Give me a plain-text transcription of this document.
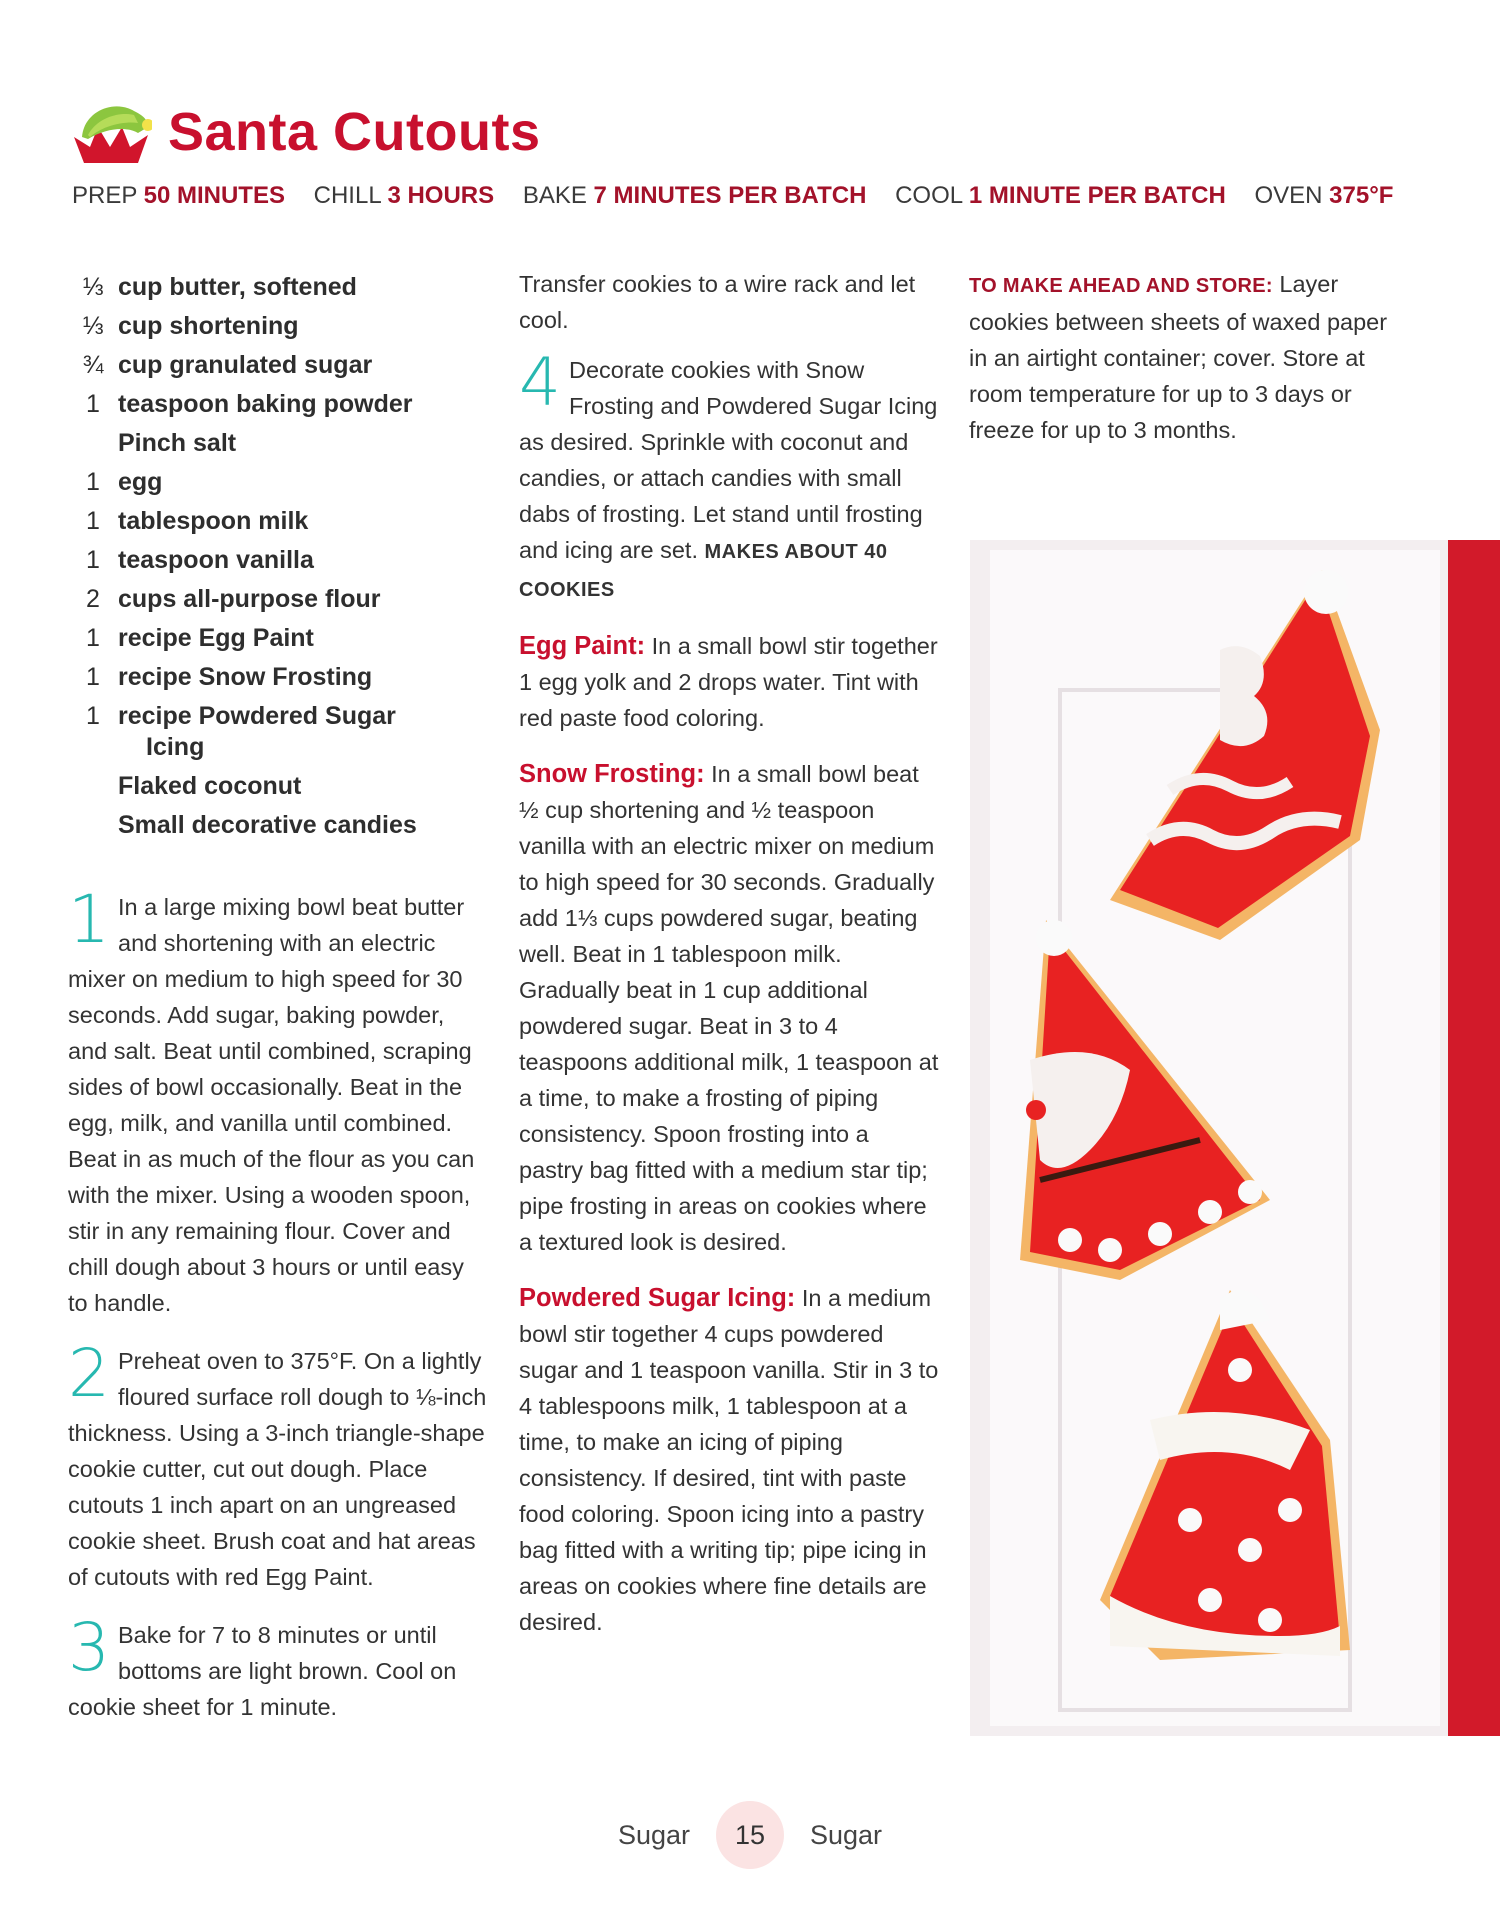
Santa Cutouts
PREP 50 MINUTES CHILL 3 HOURS BAKE 7 MINUTES PER BATCH COOL 1 MINUTE PER BATCH OVEN 375°F
⅓ cup butter, softened
⅓ cup shortening
¾ cup granulated sugar
1 teaspoon baking powder
Pinch salt
1 egg
1 tablespoon milk
1 teaspoon vanilla
2 cups all-purpose flour
1 recipe Egg Paint
1 recipe Snow Frosting
1 recipe Powdered Sugar
Icing
Flaked coconut
Small decorative candies
1 In a large mixing bowl beat butter and shortening with an electric mixer on medium to high speed for 30 seconds. Add sugar, baking powder, and salt. Beat until combined, scraping sides of bowl occasionally. Beat in the egg, milk, and vanilla until combined. Beat in as much of the flour as you can with the mixer. Using a wooden spoon, stir in any remaining flour. Cover and chill dough about 3 hours or until easy to handle.
2 Preheat oven to 375°F. On a lightly floured surface roll dough to ⅛-inch thickness. Using a 3-inch triangle-shape cookie cutter, cut out dough. Place cutouts 1 inch apart on an ungreased cookie sheet. Brush coat and hat areas of cutouts with red Egg Paint.
3 Bake for 7 to 8 minutes or until bottoms are light brown. Cool on cookie sheet for 1 minute.
Transfer cookies to a wire rack and let cool.
4 Decorate cookies with Snow Frosting and Powdered Sugar Icing as desired. Sprinkle with coconut and candies, or attach candies with small dabs of frosting. Let stand until frosting and icing are set. MAKES ABOUT 40 COOKIES
Egg Paint: In a small bowl stir together 1 egg yolk and 2 drops water. Tint with red paste food coloring.
Snow Frosting: In a small bowl beat ½ cup shortening and ½ teaspoon vanilla with an electric mixer on medium to high speed for 30 seconds. Gradually add 1⅓ cups powdered sugar, beating well. Beat in 1 tablespoon milk. Gradually beat in 1 cup additional powdered sugar. Beat in 3 to 4 teaspoons additional milk, 1 teaspoon at a time, to make a frosting of piping consistency. Spoon frosting into a pastry bag fitted with a medium star tip; pipe frosting in areas on cookies where a textured look is desired.
Powdered Sugar Icing: In a medium bowl stir together 4 cups powdered sugar and 1 teaspoon vanilla. Stir in 3 to 4 tablespoons milk, 1 tablespoon at a time, to make an icing of piping consistency. If desired, tint with paste food coloring. Spoon icing into a pastry bag fitted with a writing tip; pipe icing in areas on cookies where fine details are desired.
TO MAKE AHEAD AND STORE: Layer cookies between sheets of waxed paper in an airtight container; cover. Store at room temperature for up to 3 days or freeze for up to 3 months.
Sugar	15	Sugar
